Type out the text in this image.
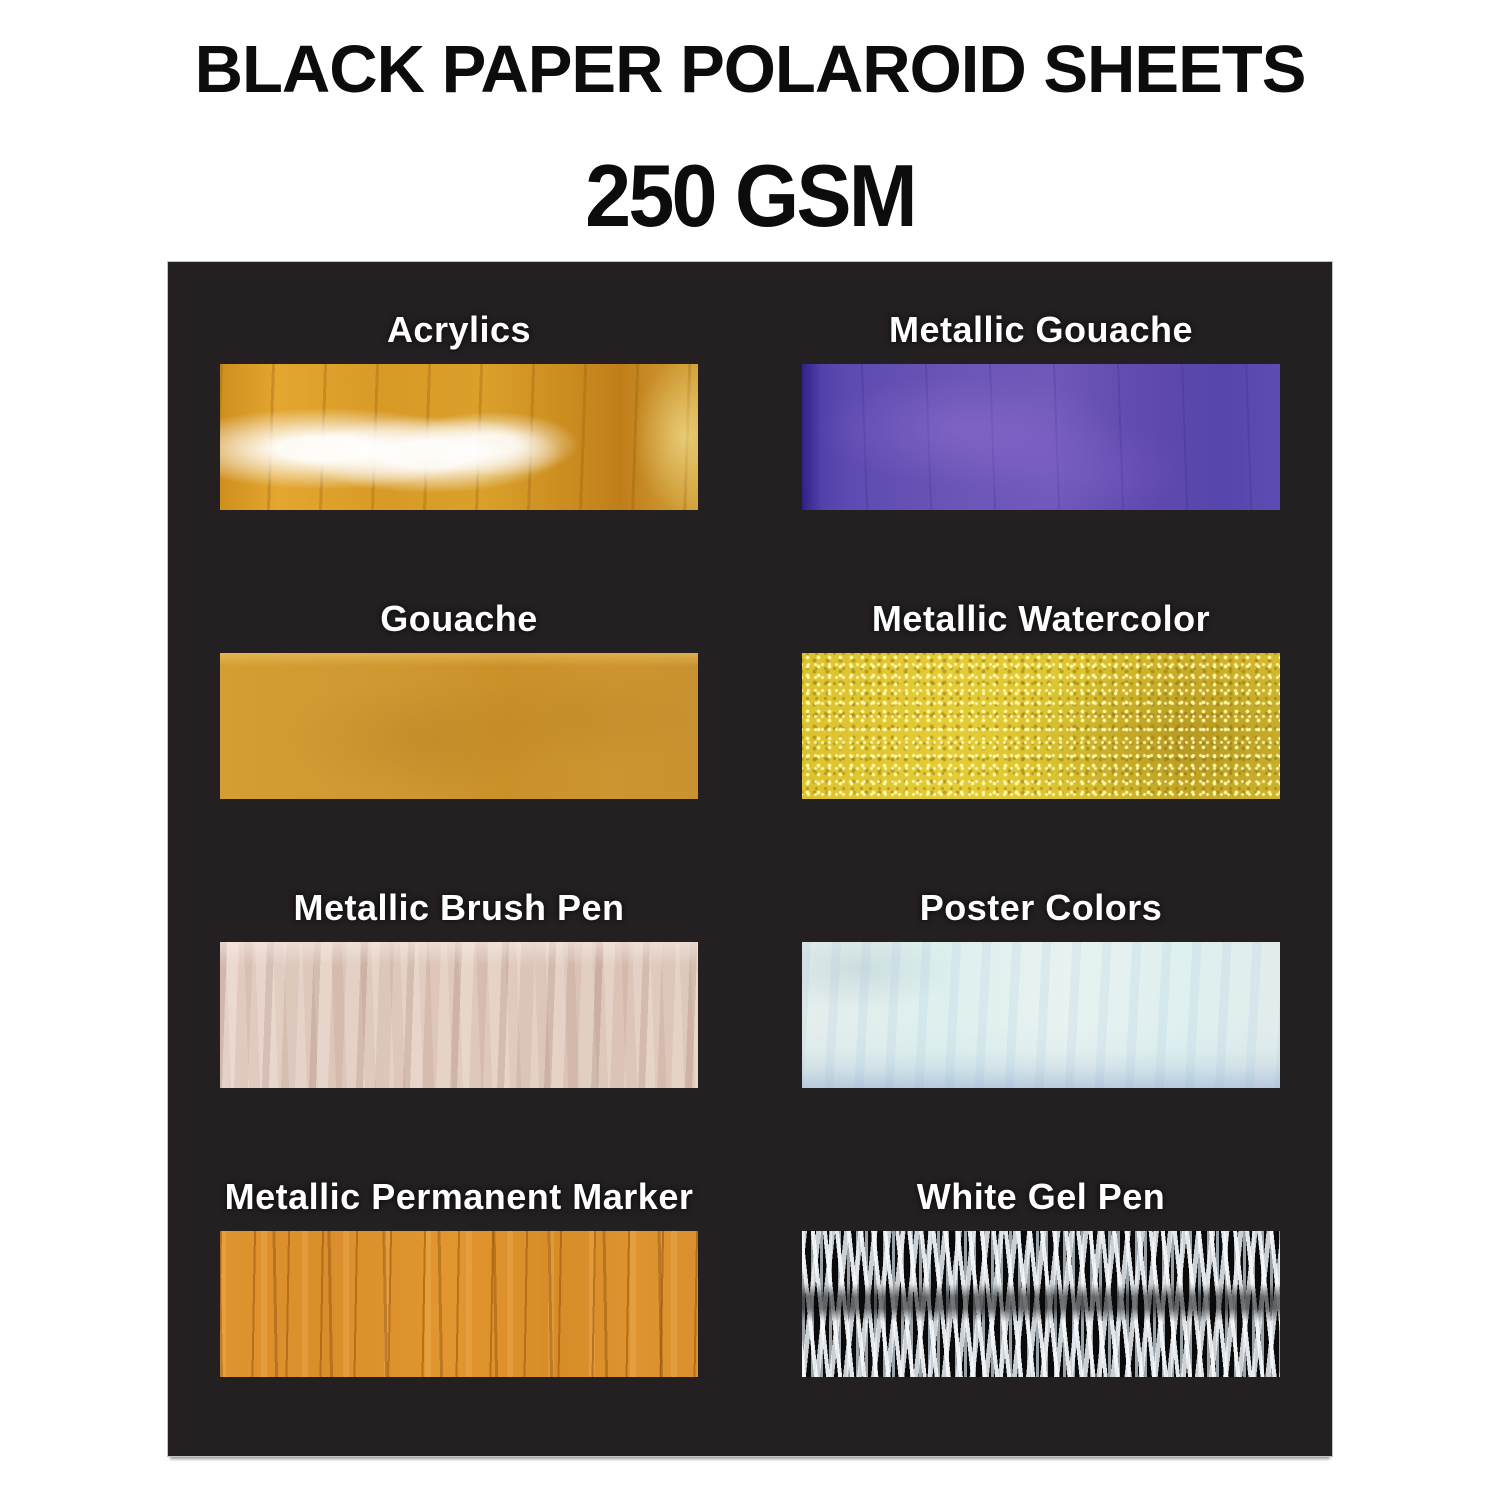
BLACK PAPER POLAROID SHEETS
250 GSM
Acrylics	Metallic Gouache
Gouache	Metallic Watercolor
Metallic Brush Pen	Poster Colors
Metallic Permanent Marker	White Gel Pen
